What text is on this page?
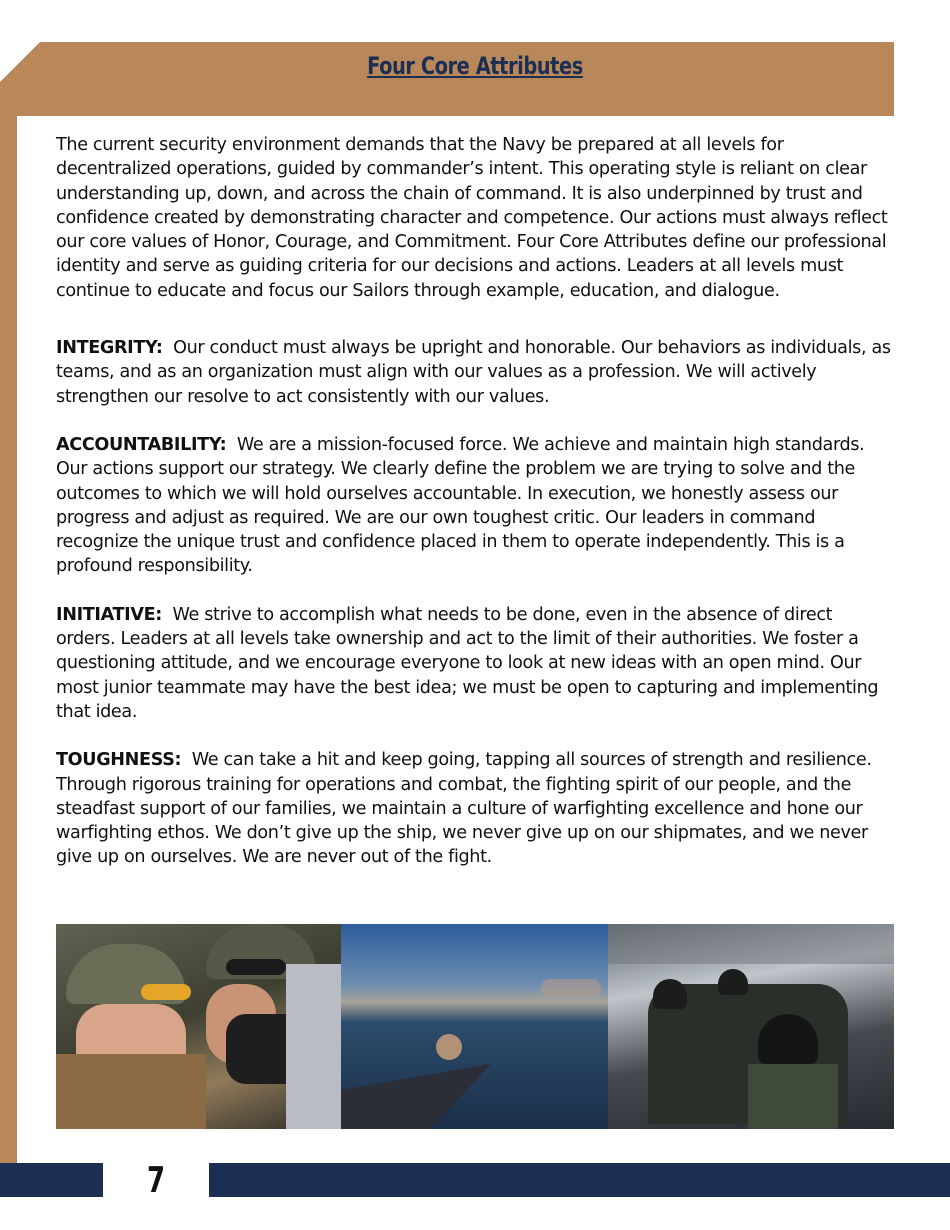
Four Core Attributes

The current security environment demands that the Navy be prepared at all levels for decentralized operations, guided by commander’s intent. This operating style is reliant on clear understanding up, down, and across the chain of command. It is also underpinned by trust and confidence created by demonstrating character and competence. Our actions must always reflect our core values of Honor, Courage, and Commitment. Four Core Attributes define our professional identity and serve as guiding criteria for our decisions and actions. Leaders at all levels must continue to educate and focus our Sailors through example, education, and dialogue.

INTEGRITY: Our conduct must always be upright and honorable. Our behaviors as individuals, as teams, and as an organization must align with our values as a profession. We will actively strengthen our resolve to act consistently with our values.

ACCOUNTABILITY: We are a mission-focused force. We achieve and maintain high standards. Our actions support our strategy. We clearly define the problem we are trying to solve and the outcomes to which we will hold ourselves accountable. In execution, we honestly assess our progress and adjust as required. We are our own toughest critic. Our leaders in command recognize the unique trust and confidence placed in them to operate independently. This is a profound responsibility.

INITIATIVE: We strive to accomplish what needs to be done, even in the absence of direct orders. Leaders at all levels take ownership and act to the limit of their authorities. We foster a questioning attitude, and we encourage everyone to look at new ideas with an open mind. Our most junior teammate may have the best idea; we must be open to capturing and implementing that idea.

TOUGHNESS: We can take a hit and keep going, tapping all sources of strength and resilience. Through rigorous training for operations and combat, the fighting spirit of our people, and the steadfast support of our families, we maintain a culture of warfighting excellence and hone our warfighting ethos. We don’t give up the ship, we never give up on our shipmates, and we never give up on ourselves. We are never out of the fight.

7
